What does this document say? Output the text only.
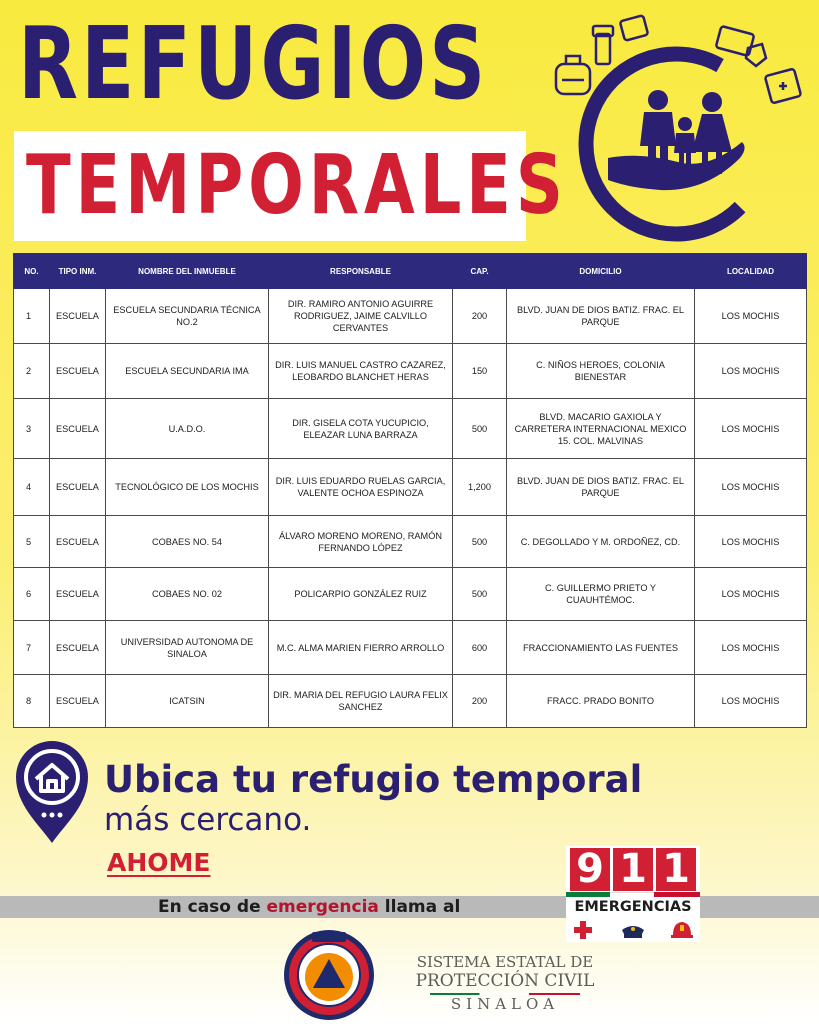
REFUGIOS
TEMPORALES
NO.	TIPO INM.	NOMBRE DEL INMUEBLE	RESPONSABLE	CAP.	DOMICILIO	LOCALIDAD
1	ESCUELA	ESCUELA SECUNDARIA TÉCNICA NO.2	DIR. RAMIRO ANTONIO AGUIRRE RODRIGUEZ, JAIME CALVILLO CERVANTES	200	BLVD. JUAN DE DIOS BATIZ. FRAC. EL PARQUE	LOS MOCHIS
2	ESCUELA	ESCUELA SECUNDARIA IMA	DIR. LUIS MANUEL CASTRO CAZAREZ, LEOBARDO BLANCHET HERAS	150	C. NIÑOS HEROES, COLONIA BIENESTAR	LOS MOCHIS
3	ESCUELA	U.A.D.O.	DIR. GISELA COTA YUCUPICIO, ELEAZAR LUNA BARRAZA	500	BLVD. MACARIO GAXIOLA Y CARRETERA INTERNACIONAL MEXICO 15. COL. MALVINAS	LOS MOCHIS
4	ESCUELA	TECNOLÓGICO DE LOS MOCHIS	DIR. LUIS EDUARDO RUELAS GARCIA, VALENTE OCHOA ESPINOZA	1,200	BLVD. JUAN DE DIOS BATIZ. FRAC. EL PARQUE	LOS MOCHIS
5	ESCUELA	COBAES NO. 54	ÁLVARO MORENO MORENO, RAMÓN FERNANDO LÓPEZ	500	C. DEGOLLADO Y M. ORDOÑEZ, CD.	LOS MOCHIS
6	ESCUELA	COBAES NO. 02	POLICARPIO GONZÁLEZ RUIZ	500	C. GUILLERMO PRIETO Y CUAUHTÉMOC.	LOS MOCHIS
7	ESCUELA	UNIVERSIDAD AUTONOMA DE SINALOA	M.C. ALMA MARIEN FIERRO ARROLLO	600	FRACCIONAMIENTO LAS FUENTES	LOS MOCHIS
8	ESCUELA	ICATSIN	DIR. MARIA DEL REFUGIO LAURA FELIX SANCHEZ	200	FRACC. PRADO BONITO	LOS MOCHIS
Ubica tu refugio temporal
más cercano.
AHOME
En caso de emergencia llama al
9 1 1
EMERGENCIAS
SISTEMA ESTATAL DE
PROTECCIÓN CIVIL
SINALOA
